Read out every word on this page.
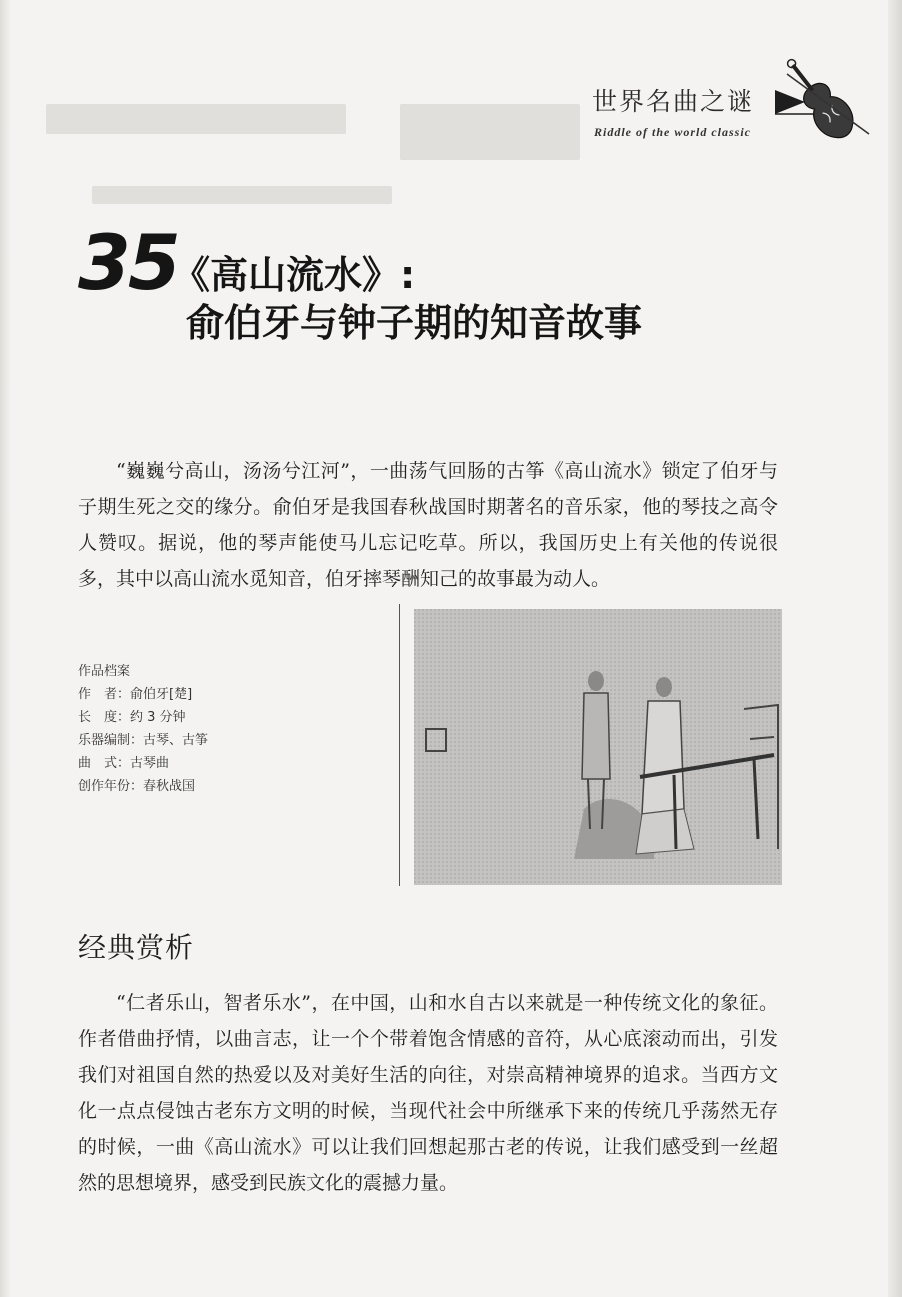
世界名曲之谜
Riddle of the world classic
35
《高山流水》:
俞伯牙与钟子期的知音故事
“巍巍兮高山，汤汤兮江河”，一曲荡气回肠的古筝《高山流水》锁定了伯牙与子期生死之交的缘分。俞伯牙是我国春秋战国时期著名的音乐家，他的琴技之高令人赞叹。据说，他的琴声能使马儿忘记吃草。所以，我国历史上有关他的传说很多，其中以高山流水觅知音，伯牙摔琴酬知己的故事最为动人。
作品档案
作　者：俞伯牙[楚]
长　度：约 3 分钟
乐器编制：古琴、古筝
曲　式：古琴曲
创作年份：春秋战国
经典赏析
“仁者乐山，智者乐水”，在中国，山和水自古以来就是一种传统文化的象征。作者借曲抒情，以曲言志，让一个个带着饱含情感的音符，从心底滚动而出，引发我们对祖国自然的热爱以及对美好生活的向往，对崇高精神境界的追求。当西方文化一点点侵蚀古老东方文明的时候，当现代社会中所继承下来的传统几乎荡然无存的时候，一曲《高山流水》可以让我们回想起那古老的传说，让我们感受到一丝超然的思想境界，感受到民族文化的震撼力量。
